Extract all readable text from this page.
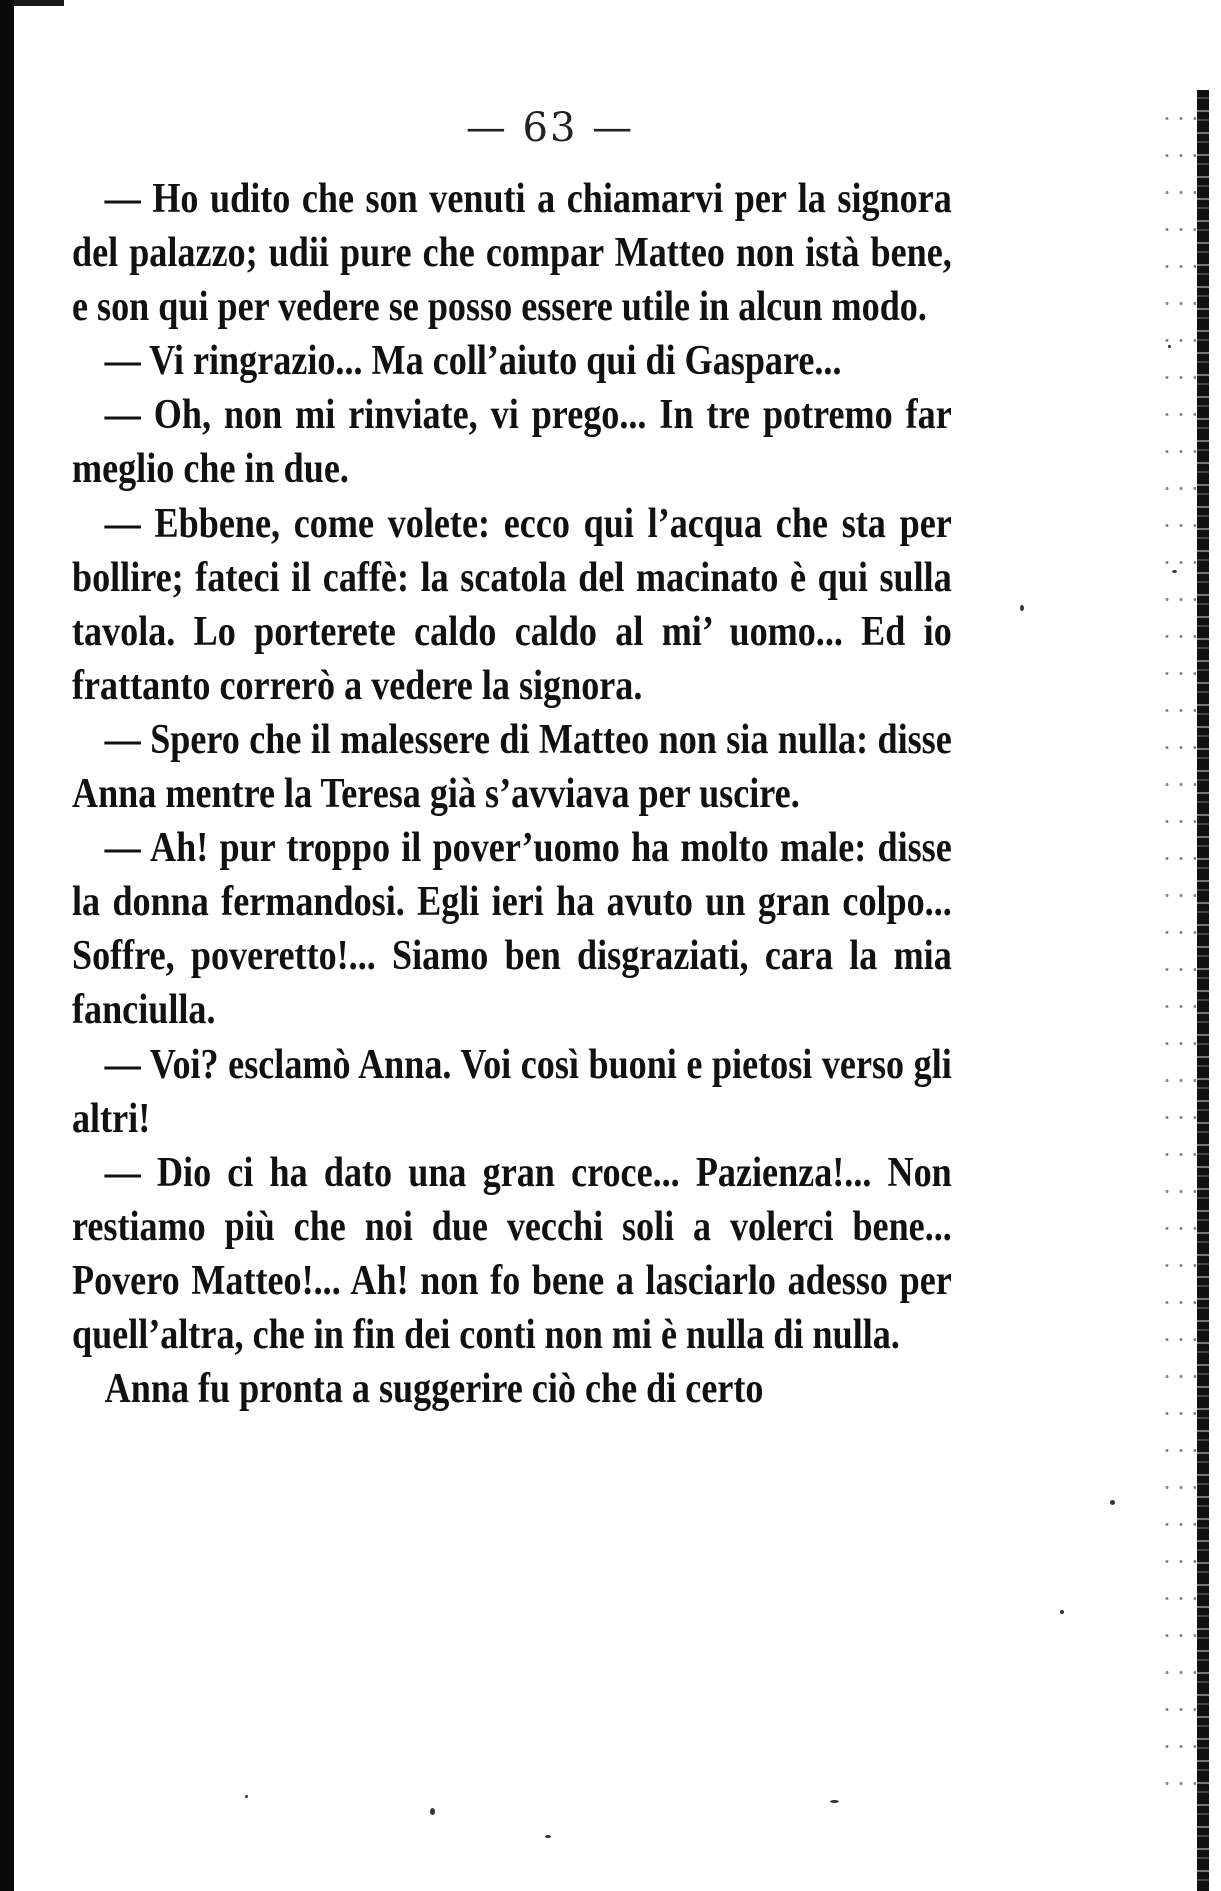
— 63 —

— Ho udito che son venuti a chiamarvi per la signora del palazzo; udii pure che compar Matteo non istà bene, e son qui per vedere se posso essere utile in alcun modo.

— Vi ringrazio... Ma coll’aiuto qui di Gaspare...

— Oh, non mi rinviate, vi prego... In tre potremo far meglio che in due.

— Ebbene, come volete: ecco qui l’acqua che sta per bollire; fateci il caffè: la scatola del macinato è qui sulla tavola. Lo porterete caldo caldo al mi’ uomo... Ed io frattanto correrò a vedere la signora.

— Spero che il malessere di Matteo non sia nulla: disse Anna mentre la Teresa già s’avviava per uscire.

— Ah! pur troppo il pover’uomo ha molto male: disse la donna fermandosi. Egli ieri ha avuto un gran colpo... Soffre, poveretto!... Siamo ben disgraziati, cara la mia fanciulla.

— Voi? esclamò Anna. Voi così buoni e pietosi verso gli altri!

— Dio ci ha dato una gran croce... Pazienza!... Non restiamo più che noi due vecchi soli a volerci bene... Povero Matteo!... Ah! non fo bene a lasciarlo adesso per quell’altra, che in fin dei conti non mi è nulla di nulla.

Anna fu pronta a suggerire ciò che di certo
